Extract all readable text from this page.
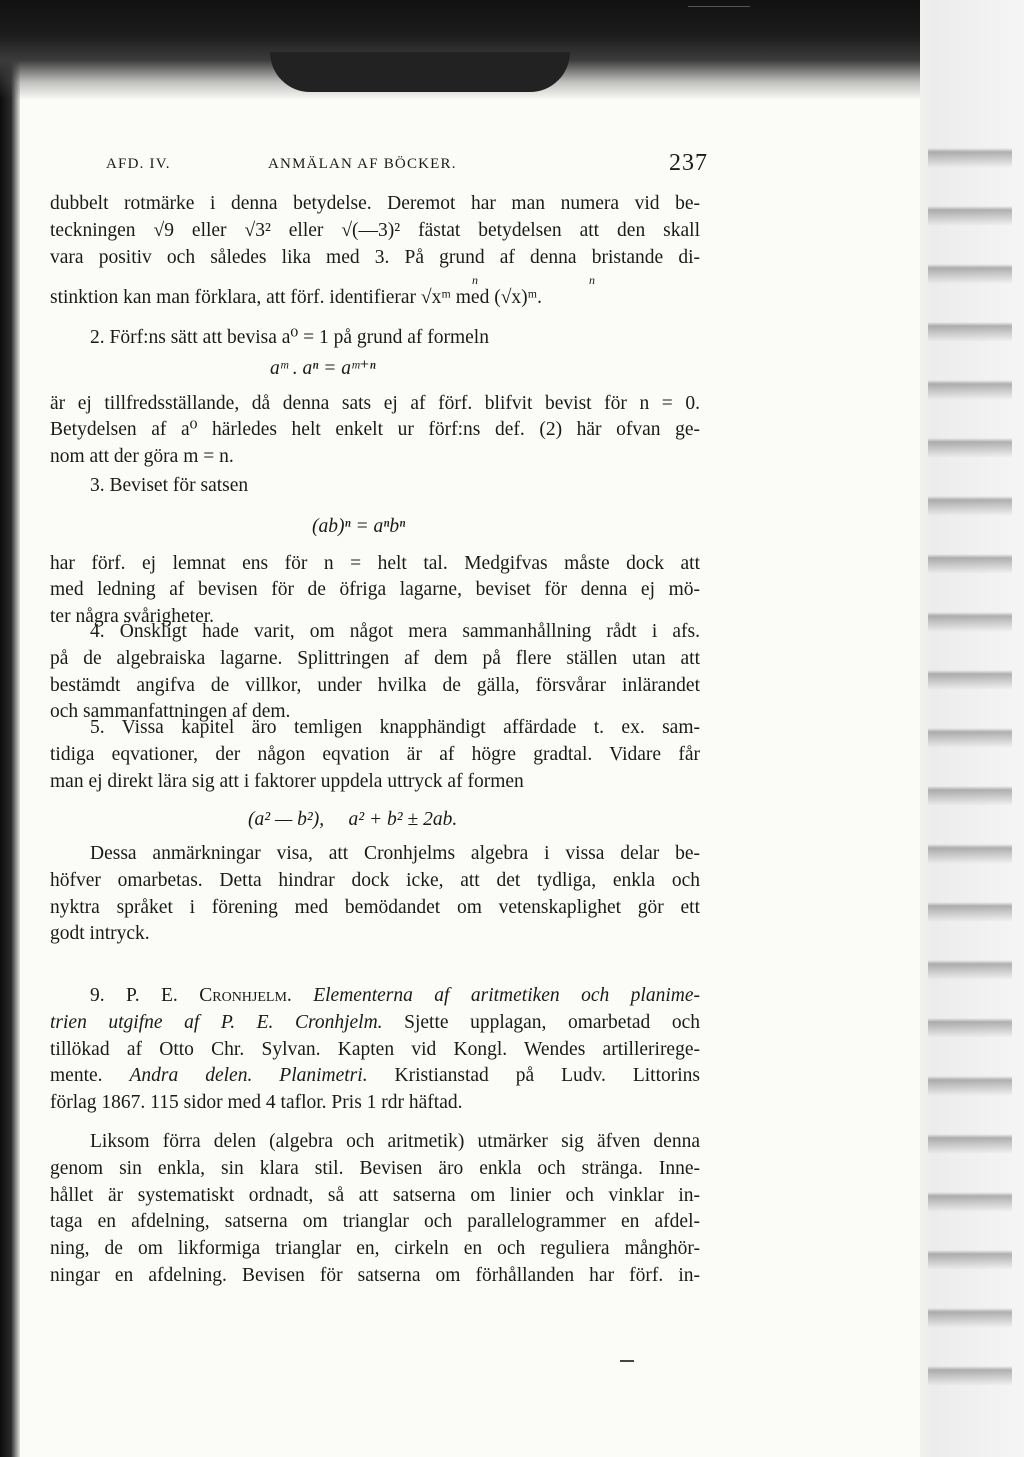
AFD. IV.	ANMÄLAN AF BÖCKER.	237
dubbelt rotmärke i denna betydelse. Deremot har man numera vid be-
teckningen √9 eller √3² eller √(—3)² fästat betydelsen att den skall
vara positiv och således lika med 3. På grund af denna bristande di-
n                                     n
stinktion kan man förklara, att förf. identifierar √xᵐ med (√x)ᵐ.
2. Förf:ns sätt att bevisa a⁰ = 1 på grund af formeln
aᵐ . aⁿ = aᵐ⁺ⁿ
är ej tillfredsställande, då denna sats ej af förf. blifvit bevist för n = 0.
Betydelsen af a⁰ härledes helt enkelt ur förf:ns def. (2) här ofvan ge-
nom att der göra m = n.
3. Beviset för satsen
(ab)ⁿ = aⁿbⁿ
har förf. ej lemnat ens för n = helt tal. Medgifvas måste dock att
med ledning af bevisen för de öfriga lagarne, beviset för denna ej mö-
ter några svårigheter.
4. Önskligt hade varit, om något mera sammanhållning rådt i afs.
på de algebraiska lagarne. Splittringen af dem på flere ställen utan att
bestämdt angifva de villkor, under hvilka de gälla, försvårar inlärandet
och sammanfattningen af dem.
5. Vissa kapitel äro temligen knapphändigt affärdade t. ex. sam-
tidiga eqvationer, der någon eqvation är af högre gradtal. Vidare får
man ej direkt lära sig att i faktorer uppdela uttryck af formen
(a² — b²),     a² + b² ± 2ab.
Dessa anmärkningar visa, att Cronhjelms algebra i vissa delar be-
höfver omarbetas. Detta hindrar dock icke, att det tydliga, enkla och
nyktra språket i förening med bemödandet om vetenskaplighet gör ett
godt intryck.
9. P. E. Cronhjelm. Elementerna af aritmetiken och planime-
trien utgifne af P. E. Cronhjelm. Sjette upplagan, omarbetad och
tillökad af Otto Chr. Sylvan. Kapten vid Kongl. Wendes artilleriregе-
mente. Andra delen. Planimetri. Kristianstad på Ludv. Littorins
förlag 1867. 115 sidor med 4 taflor. Pris 1 rdr häftad.
Liksom förra delen (algebra och aritmetik) utmärker sig äfven denna
genom sin enkla, sin klara stil. Bevisen äro enkla och stränga. Inne-
hållet är systematiskt ordnadt, så att satserna om linier och vinklar in-
taga en afdelning, satserna om trianglar och parallelogrammer en afdel-
ning, de om likformiga trianglar en, cirkeln en och reguliera månghör-
ningar en afdelning. Bevisen för satserna om förhållanden har förf. in-
